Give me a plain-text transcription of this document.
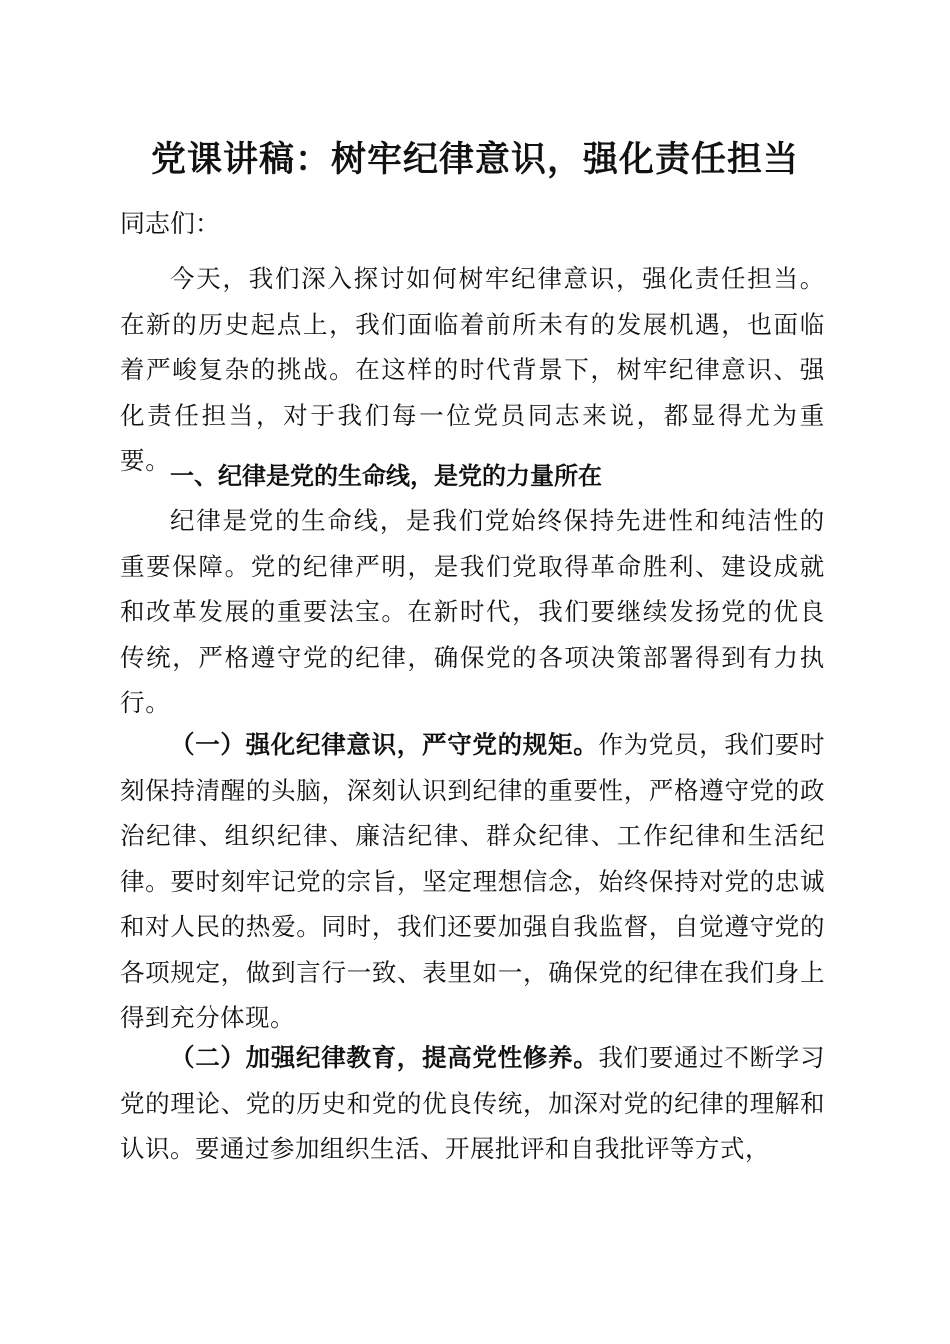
党课讲稿：树牢纪律意识，强化责任担当

同志们：

今天，我们深入探讨如何树牢纪律意识，强化责任担当。在新的历史起点上，我们面临着前所未有的发展机遇，也面临着严峻复杂的挑战。在这样的时代背景下，树牢纪律意识、强化责任担当，对于我们每一位党员同志来说，都显得尤为重要。

一、纪律是党的生命线，是党的力量所在

纪律是党的生命线，是我们党始终保持先进性和纯洁性的重要保障。党的纪律严明，是我们党取得革命胜利、建设成就和改革发展的重要法宝。在新时代，我们要继续发扬党的优良传统，严格遵守党的纪律，确保党的各项决策部署得到有力执行。

（一）强化纪律意识，严守党的规矩。作为党员，我们要时刻保持清醒的头脑，深刻认识到纪律的重要性，严格遵守党的政治纪律、组织纪律、廉洁纪律、群众纪律、工作纪律和生活纪律。要时刻牢记党的宗旨，坚定理想信念，始终保持对党的忠诚和对人民的热爱。同时，我们还要加强自我监督，自觉遵守党的各项规定，做到言行一致、表里如一，确保党的纪律在我们身上得到充分体现。

（二）加强纪律教育，提高党性修养。我们要通过不断学习党的理论、党的历史和党的优良传统，加深对党的纪律的理解和认识。要通过参加组织生活、开展批评和自我批评等方式，
